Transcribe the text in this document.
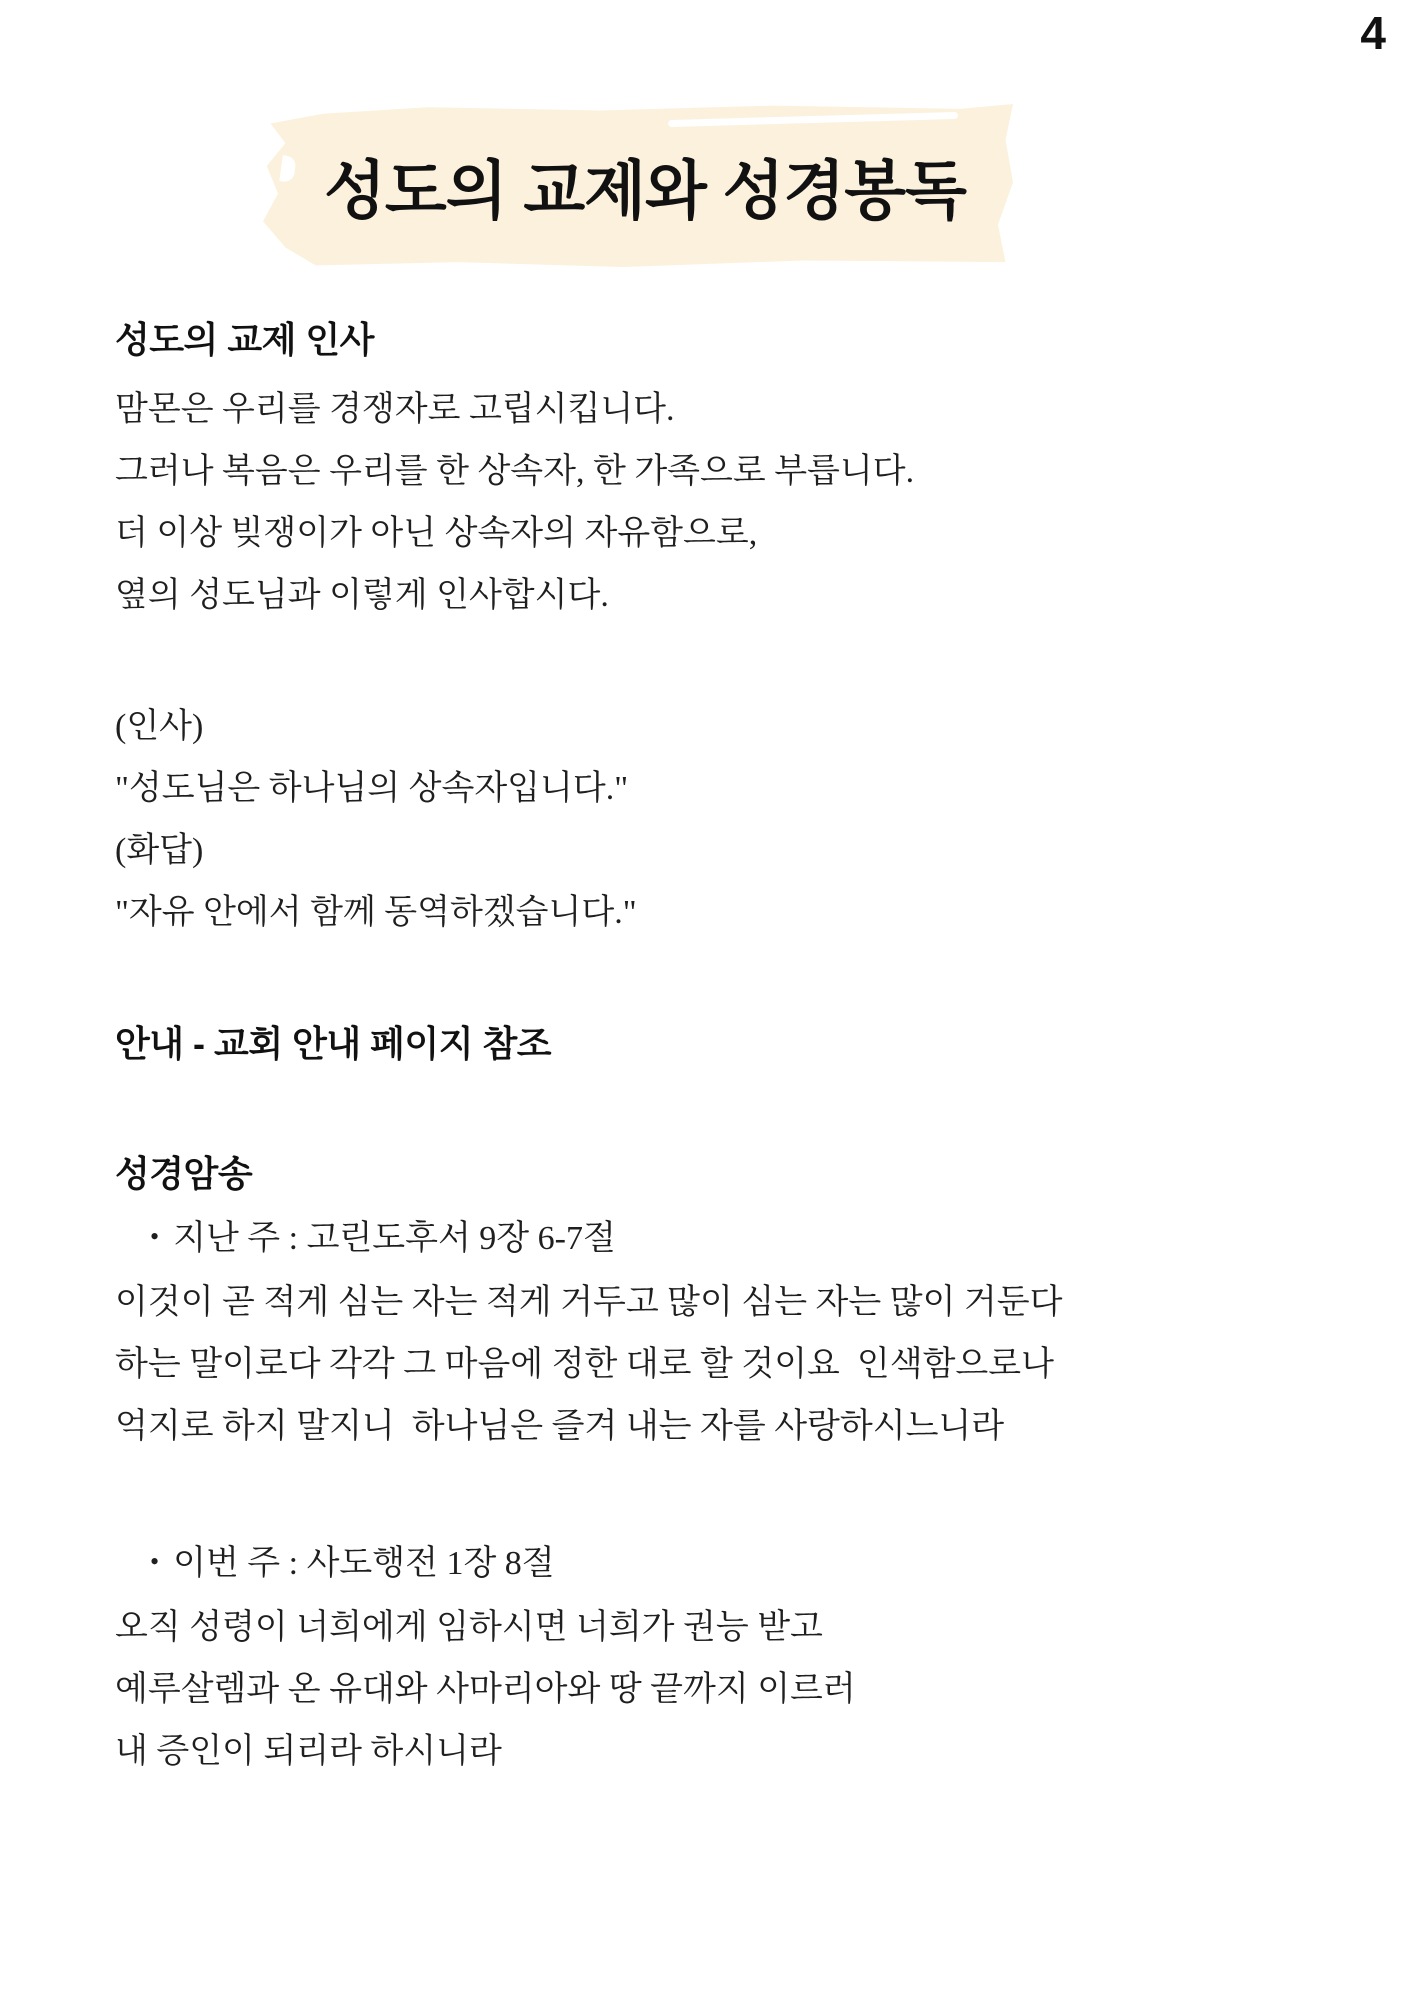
4
성도의 교제와 성경봉독
성도의 교제 인사
맘몬은 우리를 경쟁자로 고립시킵니다.
그러나 복음은 우리를 한 상속자, 한 가족으로 부릅니다.
더 이상 빚쟁이가 아닌 상속자의 자유함으로,
옆의 성도님과 이렇게 인사합시다.
(인사)
"성도님은 하나님의 상속자입니다."
(화답)
"자유 안에서 함께 동역하겠습니다."
안내 - 교회 안내 페이지 참조
성경암송
• 지난 주 : 고린도후서 9장 6-7절
이것이 곧 적게 심는 자는 적게 거두고 많이 심는 자는 많이 거둔다
하는 말이로다 각각 그 마음에 정한 대로 할 것이요  인색함으로나
억지로 하지 말지니  하나님은 즐겨 내는 자를 사랑하시느니라
• 이번 주 : 사도행전 1장 8절
오직 성령이 너희에게 임하시면 너희가 권능 받고
예루살렘과 온 유대와 사마리아와 땅 끝까지 이르러
내 증인이 되리라 하시니라
